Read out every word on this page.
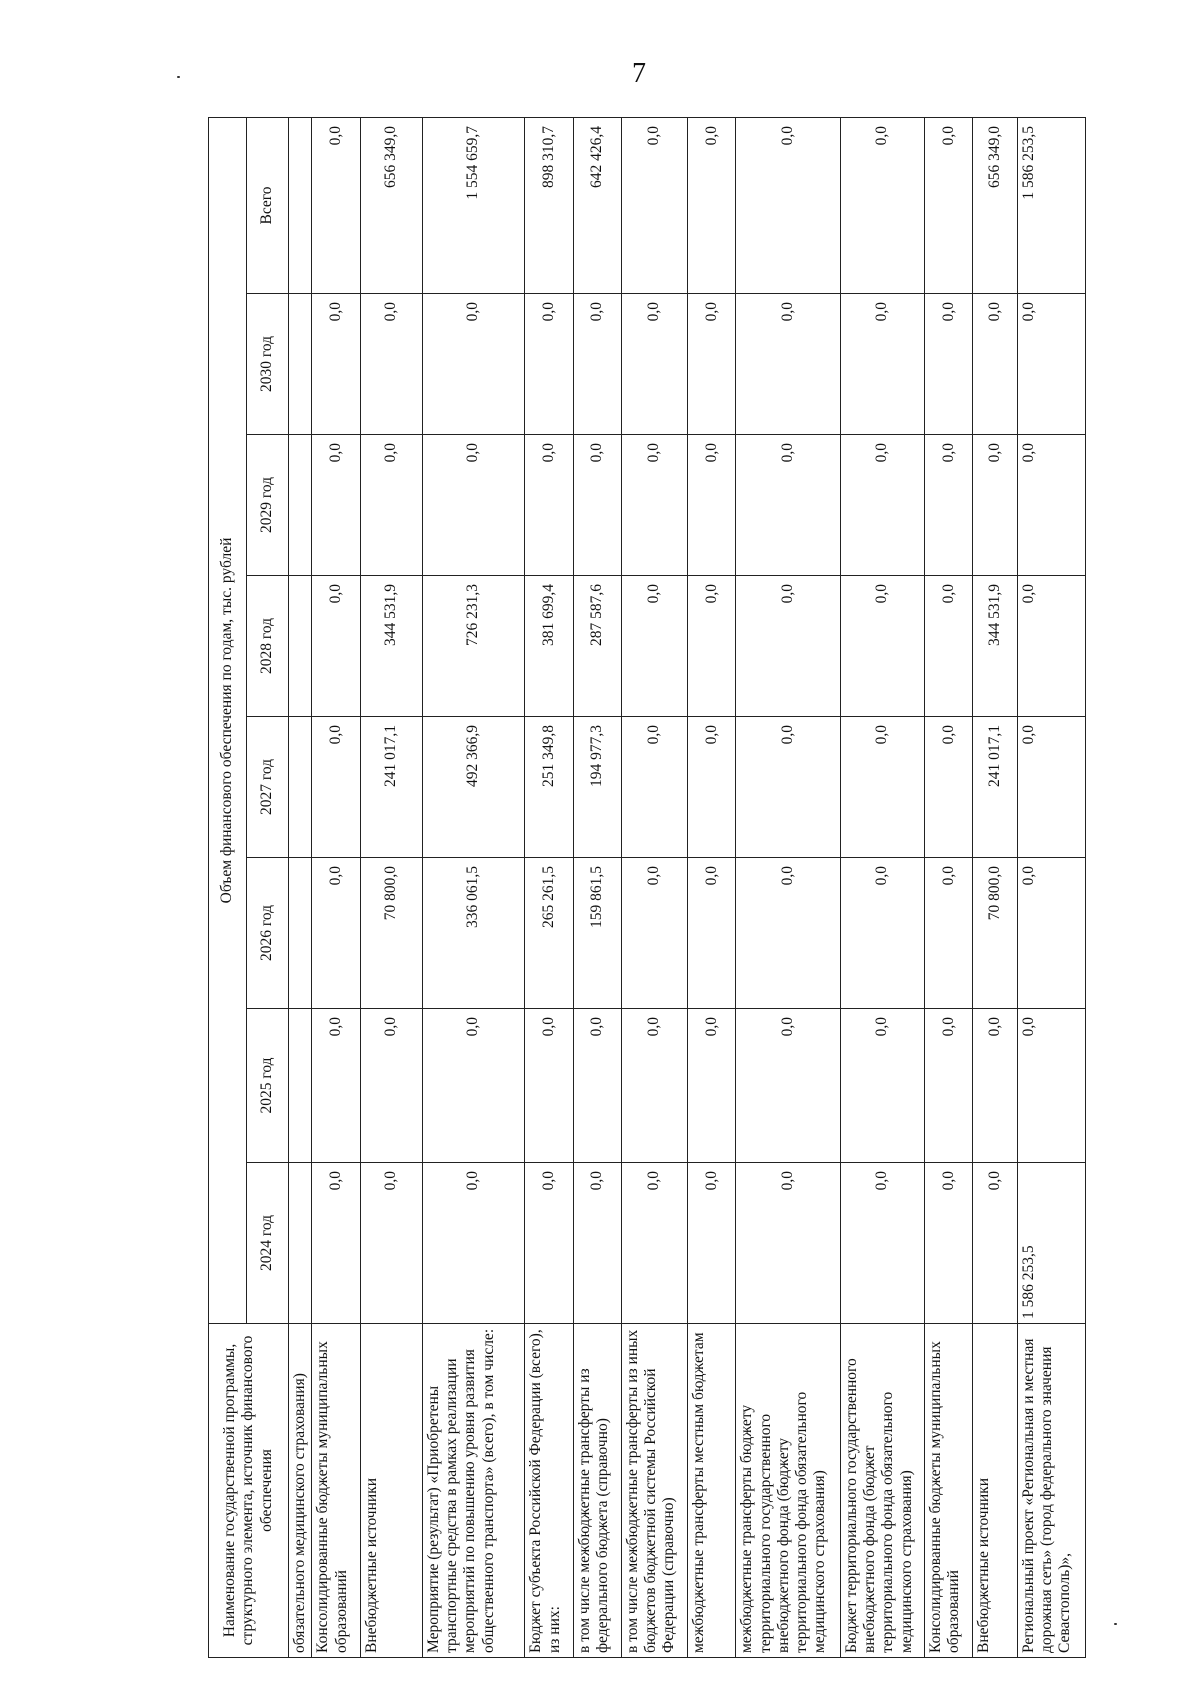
7
Наименование государственной программы, структурного элемента, источник финансового обеспечения	Объем финансового обеспечения по годам, тыс. рублей							
	2024 год	2025 год	2026 год	2027 год	2028 год	2029 год	2030 год	Всего
обязательного медицинского страхования)								
Консолидированные бюджеты муниципальных образований	0,0	0,0	0,0	0,0	0,0	0,0	0,0	0,0
Внебюджетные источники	0,0	0,0	70 800,0	241 017,1	344 531,9	0,0	0,0	656 349,0
Мероприятие (результат) «Приобретены транспортные средства в рамках реализации мероприятий по повышению уровня развития общественного транспорта» (всего), в том числе:	0,0	0,0	336 061,5	492 366,9	726 231,3	0,0	0,0	1 554 659,7
Бюджет субъекта Российской Федерации (всего), из них:	0,0	0,0	265 261,5	251 349,8	381 699,4	0,0	0,0	898 310,7
в том числе межбюджетные трансферты из федерального бюджета (справочно)	0,0	0,0	159 861,5	194 977,3	287 587,6	0,0	0,0	642 426,4
в том числе межбюджетные трансферты из иных бюджетов бюджетной системы Российской Федерации (справочно)	0,0	0,0	0,0	0,0	0,0	0,0	0,0	0,0
межбюджетные трансферты местным бюджетам	0,0	0,0	0,0	0,0	0,0	0,0	0,0	0,0
межбюджетные трансферты бюджету территориального государственного внебюджетного фонда (бюджету территориального фонда обязательного медицинского страхования)	0,0	0,0	0,0	0,0	0,0	0,0	0,0	0,0
Бюджет территориального государственного внебюджетного фонда (бюджет территориального фонда обязательного медицинского страхования)	0,0	0,0	0,0	0,0	0,0	0,0	0,0	0,0
Консолидированные бюджеты муниципальных образований	0,0	0,0	0,0	0,0	0,0	0,0	0,0	0,0
Внебюджетные источники	0,0	0,0	70 800,0	241 017,1	344 531,9	0,0	0,0	656 349,0
Региональный проект «Региональная и местная дорожная сеть» (город федерального значения Севастополь)»,	1 586 253,5	0,0	0,0	0,0	0,0	0,0	0,0	1 586 253,5
